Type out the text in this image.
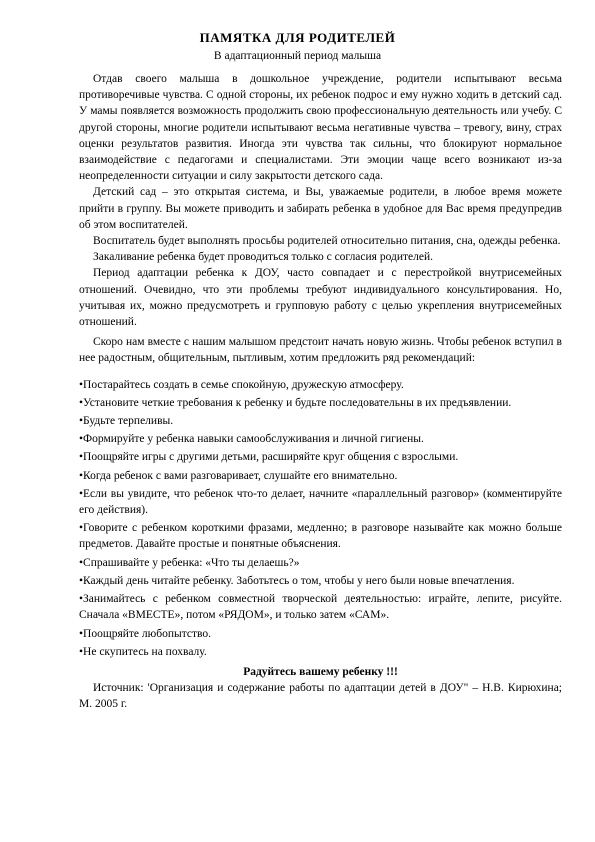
ПАМЯТКА ДЛЯ РОДИТЕЛЕЙ
В адаптационный период малыша

Отдав своего малыша в дошкольное учреждение, родители испытывают весьма противоречивые чувства. С одной стороны, их ребенок подрос и ему нужно ходить в детский сад. У мамы появляется возможность продолжить свою профессиональную деятельность или учебу. С другой стороны, многие родители испытывают весьма негативные чувства – тревогу, вину, страх оценки результатов развития. Иногда эти чувства так сильны, что блокируют нормальное взаимодействие с педагогами и специалистами. Эти эмоции чаще всего возникают из-за неопределенности ситуации и силу закрытости детского сада.

Детский сад – это открытая система, и Вы, уважаемые родители, в любое время можете прийти в группу. Вы можете приводить и забирать ребенка в удобное для Вас время предупредив об этом воспитателей.

Воспитатель будет выполнять просьбы родителей относительно питания, сна, одежды ребенка.

Закаливание ребенка будет проводиться только с согласия родителей.

Период адаптации ребенка к ДОУ, часто совпадает и с перестройкой внутрисемейных отношений. Очевидно, что эти проблемы требуют индивидуального консультирования. Но, учитывая их, можно предусмотреть и групповую работу с целью укрепления внутрисемейных отношений.

Скоро нам вместе с нашим малышом предстоит начать новую жизнь. Чтобы ребенок вступил в нее радостным, общительным, пытливым, хотим предложить ряд рекомендаций:

•Постарайтесь создать в семье спокойную, дружескую атмосферу.
•Установите четкие требования к ребенку и будьте последовательны в их предъявлении.
•Будьте терпеливы.
•Формируйте у ребенка навыки самообслуживания и личной гигиены.
•Поощряйте игры с другими детьми, расширяйте круг общения с взрослыми.
•Когда ребенок с вами разговаривает, слушайте его внимательно.
•Если вы увидите, что ребенок что-то делает, начните «параллельный разговор» (комментируйте его действия).
•Говорите с ребенком короткими фразами, медленно; в разговоре называйте как можно больше предметов. Давайте простые и понятные объяснения.
•Спрашивайте у ребенка: «Что ты делаешь?»
•Каждый день читайте ребенку. Заботьтесь о том, чтобы у него были новые впечатления.
•Занимайтесь с ребенком совместной творческой деятельностью: играйте, лепите, рисуйте. Сначала «ВМЕСТЕ», потом «РЯДОМ», и только затем «САМ».
•Поощряйте любопытство.
•Не скупитесь на похвалу.
Радуйтесь вашему ребенку !!!

Источник: 'Организация и содержание работы по адаптации детей в ДОУ" – Н.В. Кирюхина; М. 2005 г.
